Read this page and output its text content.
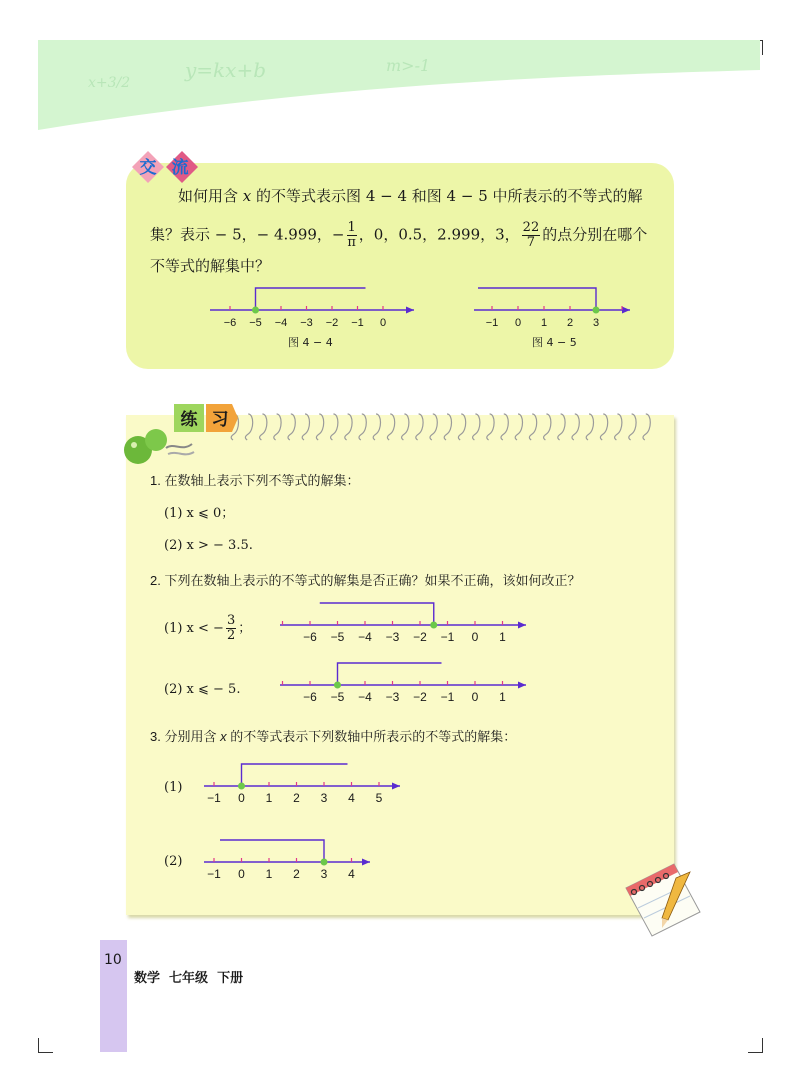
x+3/2
y=kx+b	m>-1
交 流
如何用含 x 的不等式表示图 4 − 4 和图 4 − 5 中所表示的不等式的解
集？表示 − 5，− 4.999，− $\frac{1}{\pi}$ ，0，0.5，2.999，3， $\frac{22}{7}$ 的点分别在哪个
不等式的解集中？
−6 −5 −4 −3 −2 −1 0
图 4 − 4
−1 0 1 2 3
图 4 − 5
练 习
1. 在数轴上表示下列不等式的解集：
(1) x ⩽ 0；
(2) x > − 3.5.
2. 下列在数轴上表示的不等式的解集是否正确？如果不正确，该如何改正？
(1) x < − $\frac{3}{2}$ ；
−6 −5 −4 −3 −2 −1 0 1
(2) x ⩽ − 5.	−6 −5 −4 −3 −2 −1 0 1
3. 分别用含 x 的不等式表示下列数轴中所表示的不等式的解集：
(1)
−1 0 1 2 3 4 5
(2)
−1 0 1 2 3 4
10
数学  七年级  下册
